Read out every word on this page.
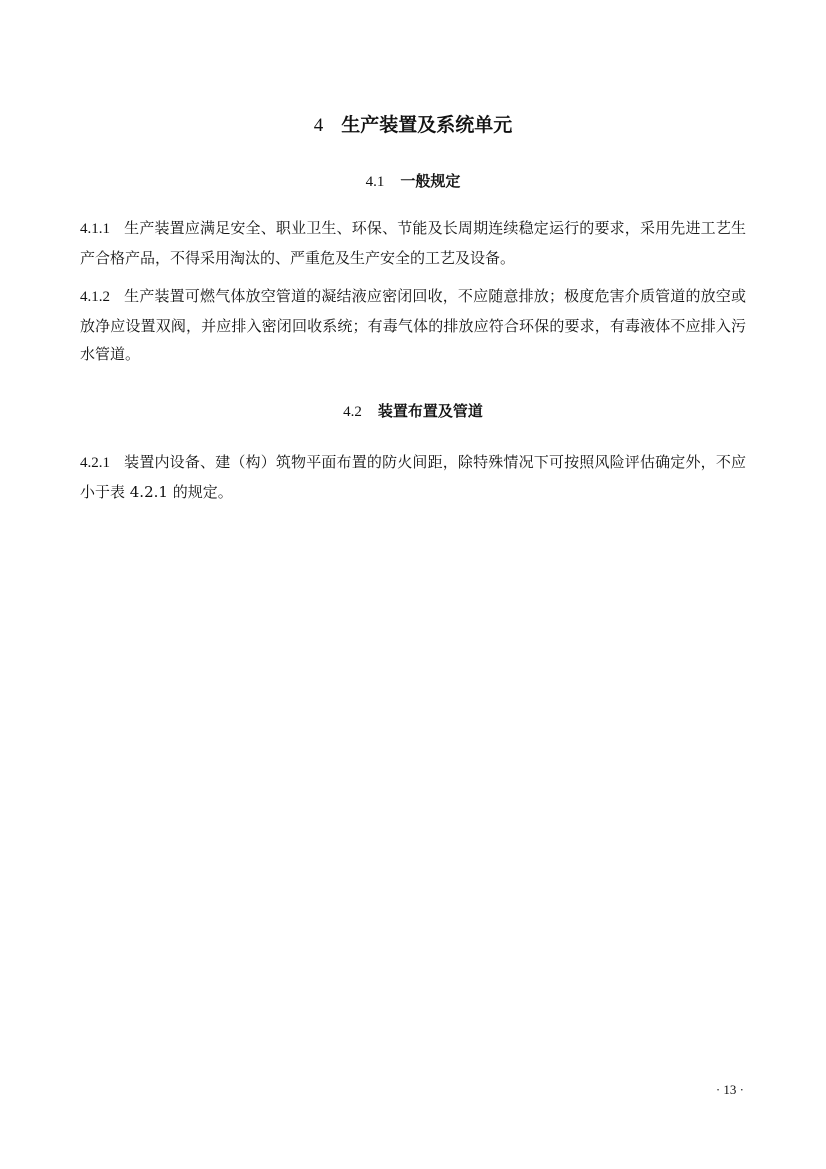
4 生产装置及系统单元
4.1 一般规定
4.1.1 生产装置应满足安全、职业卫生、环保、节能及长周期连续稳定运行的要求，采用先进工艺生产合格产品，不得采用淘汰的、严重危及生产安全的工艺及设备。
4.1.2 生产装置可燃气体放空管道的凝结液应密闭回收，不应随意排放；极度危害介质管道的放空或放净应设置双阀，并应排入密闭回收系统；有毒气体的排放应符合环保的要求，有毒液体不应排入污水管道。
4.2 装置布置及管道
4.2.1 装置内设备、建（构）筑物平面布置的防火间距，除特殊情况下可按照风险评估确定外，不应小于表 4.2.1 的规定。
· 13 ·
